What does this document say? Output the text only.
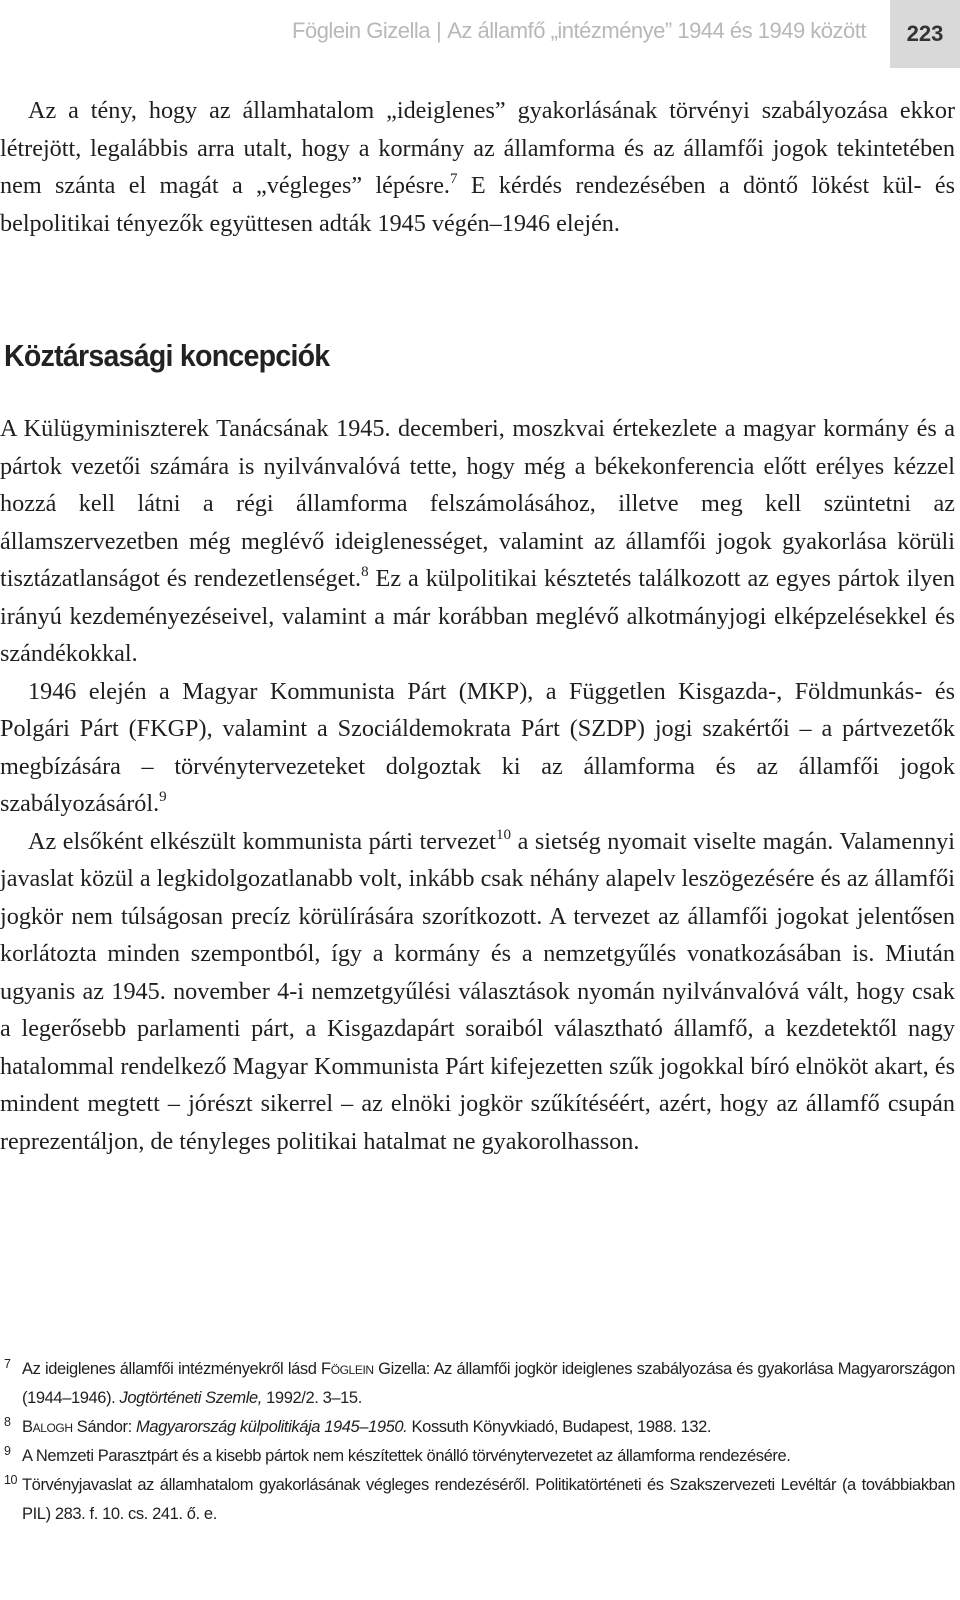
Föglein Gizella | Az államfő „intézménye” 1944 és 1949 között	223

Az a tény, hogy az államhatalom „ideiglenes” gyakorlásának törvényi szabályozása ekkor létrejött, legalábbis arra utalt, hogy a kormány az államforma és az államfői jogok tekintetében nem szánta el magát a „végleges” lépésre.$^7$ E kérdés rendezésében a döntő lökést kül- és belpolitikai tényezők együttesen adták 1945 végén–1946 elején.

Köztársasági koncepciók

A Külügyminiszterek Tanácsának 1945. decemberi, moszkvai értekezlete a magyar kormány és a pártok vezetői számára is nyilvánvalóvá tette, hogy még a békekonferencia előtt erélyes kézzel hozzá kell látni a régi államforma felszámolásához, illetve meg kell szüntetni az államszervezetben még meglévő ideiglenességet, valamint az államfői jogok gyakorlása körüli tisztázatlanságot és rendezetlenséget.$^8$ Ez a külpolitikai késztetés találkozott az egyes pártok ilyen irányú kezdeményezéseivel, valamint a már korábban meglévő alkotmányjogi elképzelésekkel és szándékokkal.

1946 elején a Magyar Kommunista Párt (MKP), a Független Kisgazda-, Földmunkás- és Polgári Párt (FKGP), valamint a Szociáldemokrata Párt (SZDP) jogi szakértői – a pártvezetők megbízására – törvénytervezeteket dolgoztak ki az államforma és az államfői jogok szabályozásáról.$^9$

Az elsőként elkészült kommunista párti tervezet$^{10}$ a sietség nyomait viselte magán. Valamennyi javaslat közül a legkidolgozatlanabb volt, inkább csak néhány alapelv leszögezésére és az államfői jogkör nem túlságosan precíz körülírására szorítkozott. A tervezet az államfői jogokat jelentősen korlátozta minden szempontból, így a kormány és a nemzetgyűlés vonatkozásában is. Miután ugyanis az 1945. november 4-i nemzetgyűlési választások nyomán nyilvánvalóvá vált, hogy csak a legerősebb parlamenti párt, a Kisgazdapárt soraiból választható államfő, a kezdetektől nagy hatalommal rendelkező Magyar Kommunista Párt kifejezetten szűk jogokkal bíró elnököt akart, és mindent megtett – jórészt sikerrel – az elnöki jogkör szűkítéséért, azért, hogy az államfő csupán reprezentáljon, de tényleges politikai hatalmat ne gyakorolhasson.

7 Az ideiglenes államfői intézményekről lásd Föglein Gizella: Az államfői jogkör ideiglenes szabályozása és gyakorlása Magyarországon (1944–1946). Jogtörténeti Szemle, 1992/2. 3–15.
8 Balogh Sándor: Magyarország külpolitikája 1945–1950. Kossuth Könyvkiadó, Budapest, 1988. 132.
9 A Nemzeti Parasztpárt és a kisebb pártok nem készítettek önálló törvénytervezetet az államforma rendezésére.
10 Törvényjavaslat az államhatalom gyakorlásának végleges rendezéséről. Politikatörténeti és Szakszervezeti Levéltár (a továbbiakban PIL) 283. f. 10. cs. 241. ő. e.
